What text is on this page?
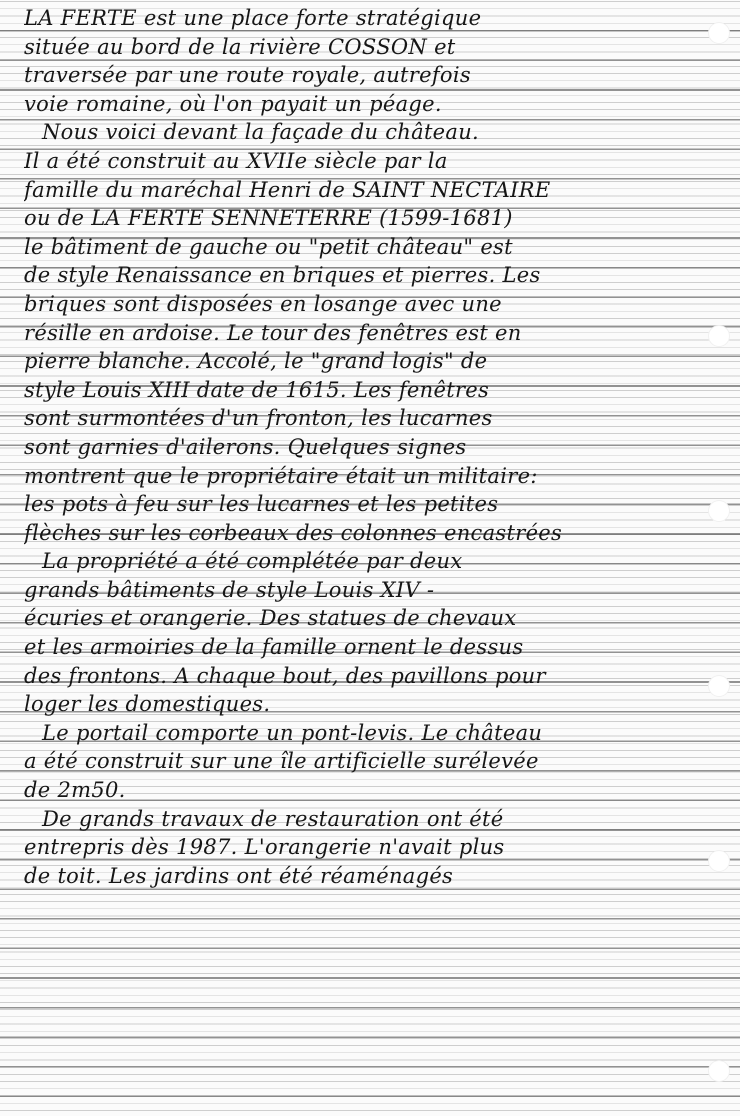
LA FERTE est une place forte stratégique
située au bord de la rivière COSSON et
traversée par une route royale, autrefois
voie romaine, où l'on payait un péage.
Nous voici devant la façade du château.
Il a été construit au XVIIe siècle par la
famille du maréchal Henri de SAINT NECTAIRE
ou de LA FERTE SENNETERRE (1599-1681)
le bâtiment de gauche ou "petit château" est
de style Renaissance en briques et pierres. Les
briques sont disposées en losange avec une
résille en ardoise. Le tour des fenêtres est en
pierre blanche. Accolé, le "grand logis" de
style Louis XIII date de 1615. Les fenêtres
sont surmontées d'un fronton, les lucarnes
sont garnies d'ailerons. Quelques signes
montrent que le propriétaire était un militaire:
les pots à feu sur les lucarnes et les petites
flèches sur les corbeaux des colonnes encastrées
La propriété a été complétée par deux
grands bâtiments de style Louis XIV -
écuries et orangerie. Des statues de chevaux
et les armoiries de la famille ornent le dessus
des frontons. A chaque bout, des pavillons pour
loger les domestiques.
Le portail comporte un pont-levis. Le château
a été construit sur une île artificielle surélevée
de 2m50.
De grands travaux de restauration ont été
entrepris dès 1987. L'orangerie n'avait plus
de toit. Les jardins ont été réaménagés
